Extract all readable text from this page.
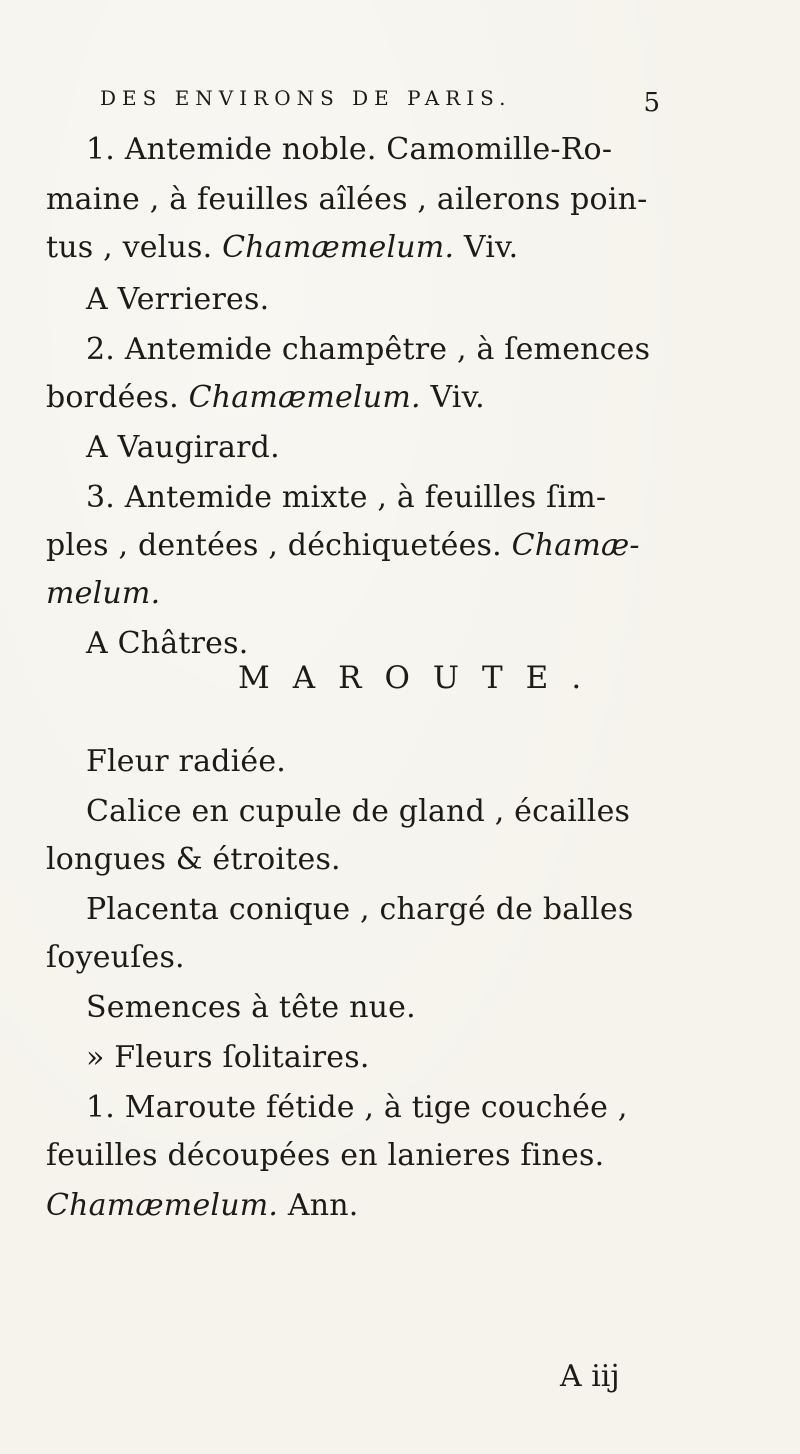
DES ENVIRONS DE PARIS.	5
1. Antemide noble. Camomille-Ro-
maine , à feuilles aîlées , ailerons poin-
tus , velus. Chamæmelum. Viv.
A Verrieres.
2. Antemide champêtre , à ſemences
bordées. Chamæmelum. Viv.
A Vaugirard.
3. Antemide mixte , à feuilles ſim-
ples , dentées , déchiquetées. Chamæ-
melum.
A Châtres.
MAROUTE.
Fleur radiée.
Calice en cupule de gland , écailles
longues & étroites.
Placenta conique , chargé de balles
ſoyeuſes.
Semences à tête nue.
» Fleurs ſolitaires.
1. Maroute fétide , à tige couchée ,
feuilles découpées en lanieres fines.
Chamæmelum. Ann.
A iij
